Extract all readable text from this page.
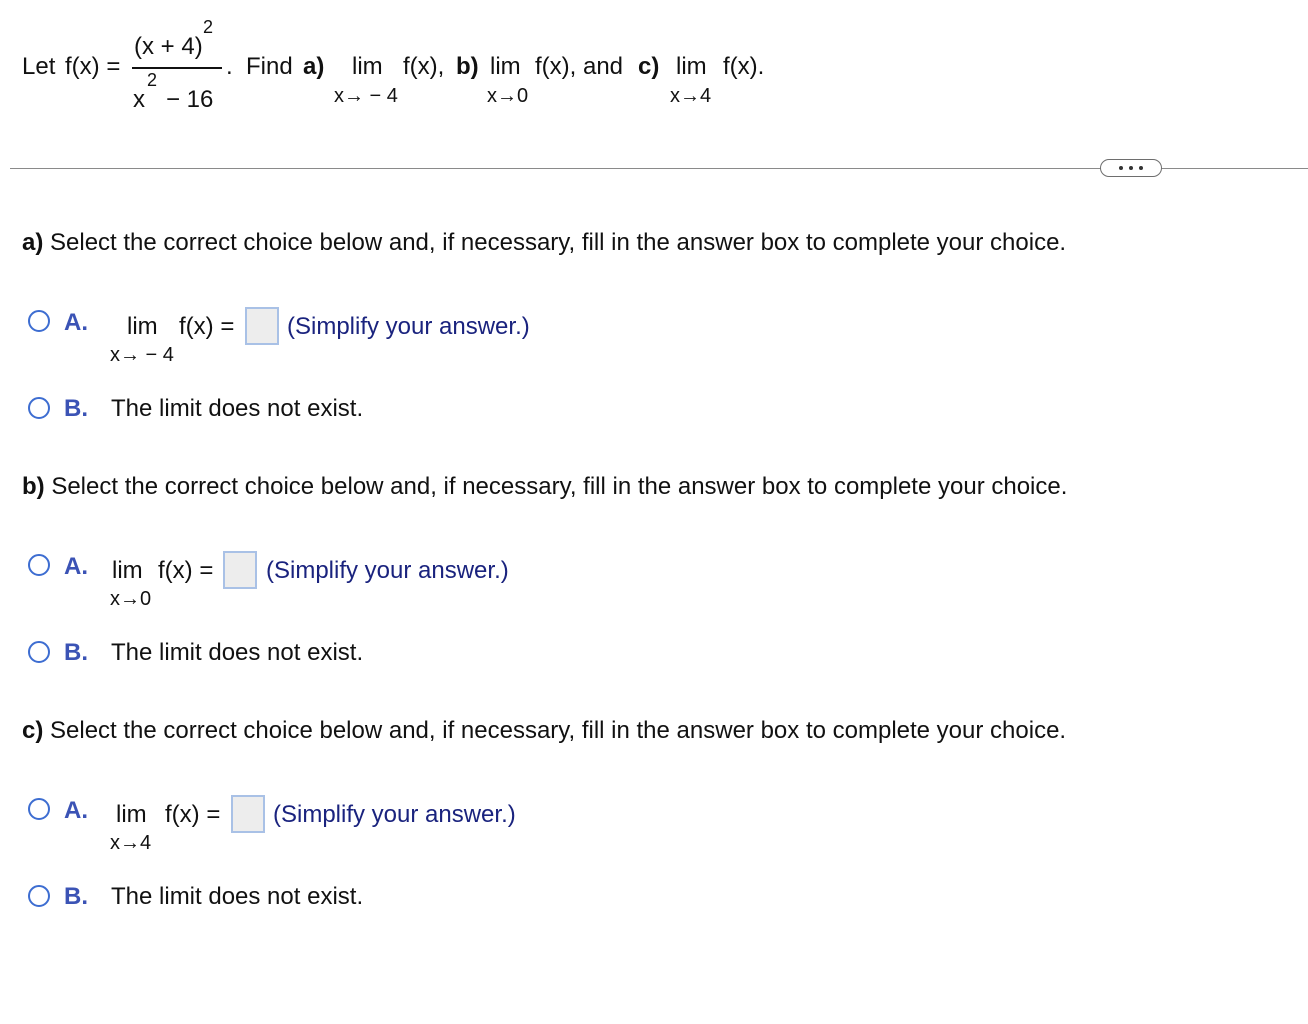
Let f(x) =
(x + 4)
2
x
2
− 16
. Find a) lim f(x),
x→ − 4
b) lim f(x), and
x→0
c) lim f(x).
x→4
a) Select the correct choice below and, if necessary, fill in the answer box to complete your choice.
A. lim f(x) =
x→ − 4
(Simplify your answer.)
B. The limit does not exist.
b) Select the correct choice below and, if necessary, fill in the answer box to complete your choice.
A. lim f(x) =
x→0
(Simplify your answer.)
B. The limit does not exist.
c) Select the correct choice below and, if necessary, fill in the answer box to complete your choice.
A. lim f(x) =
x→4
(Simplify your answer.)
B. The limit does not exist.
